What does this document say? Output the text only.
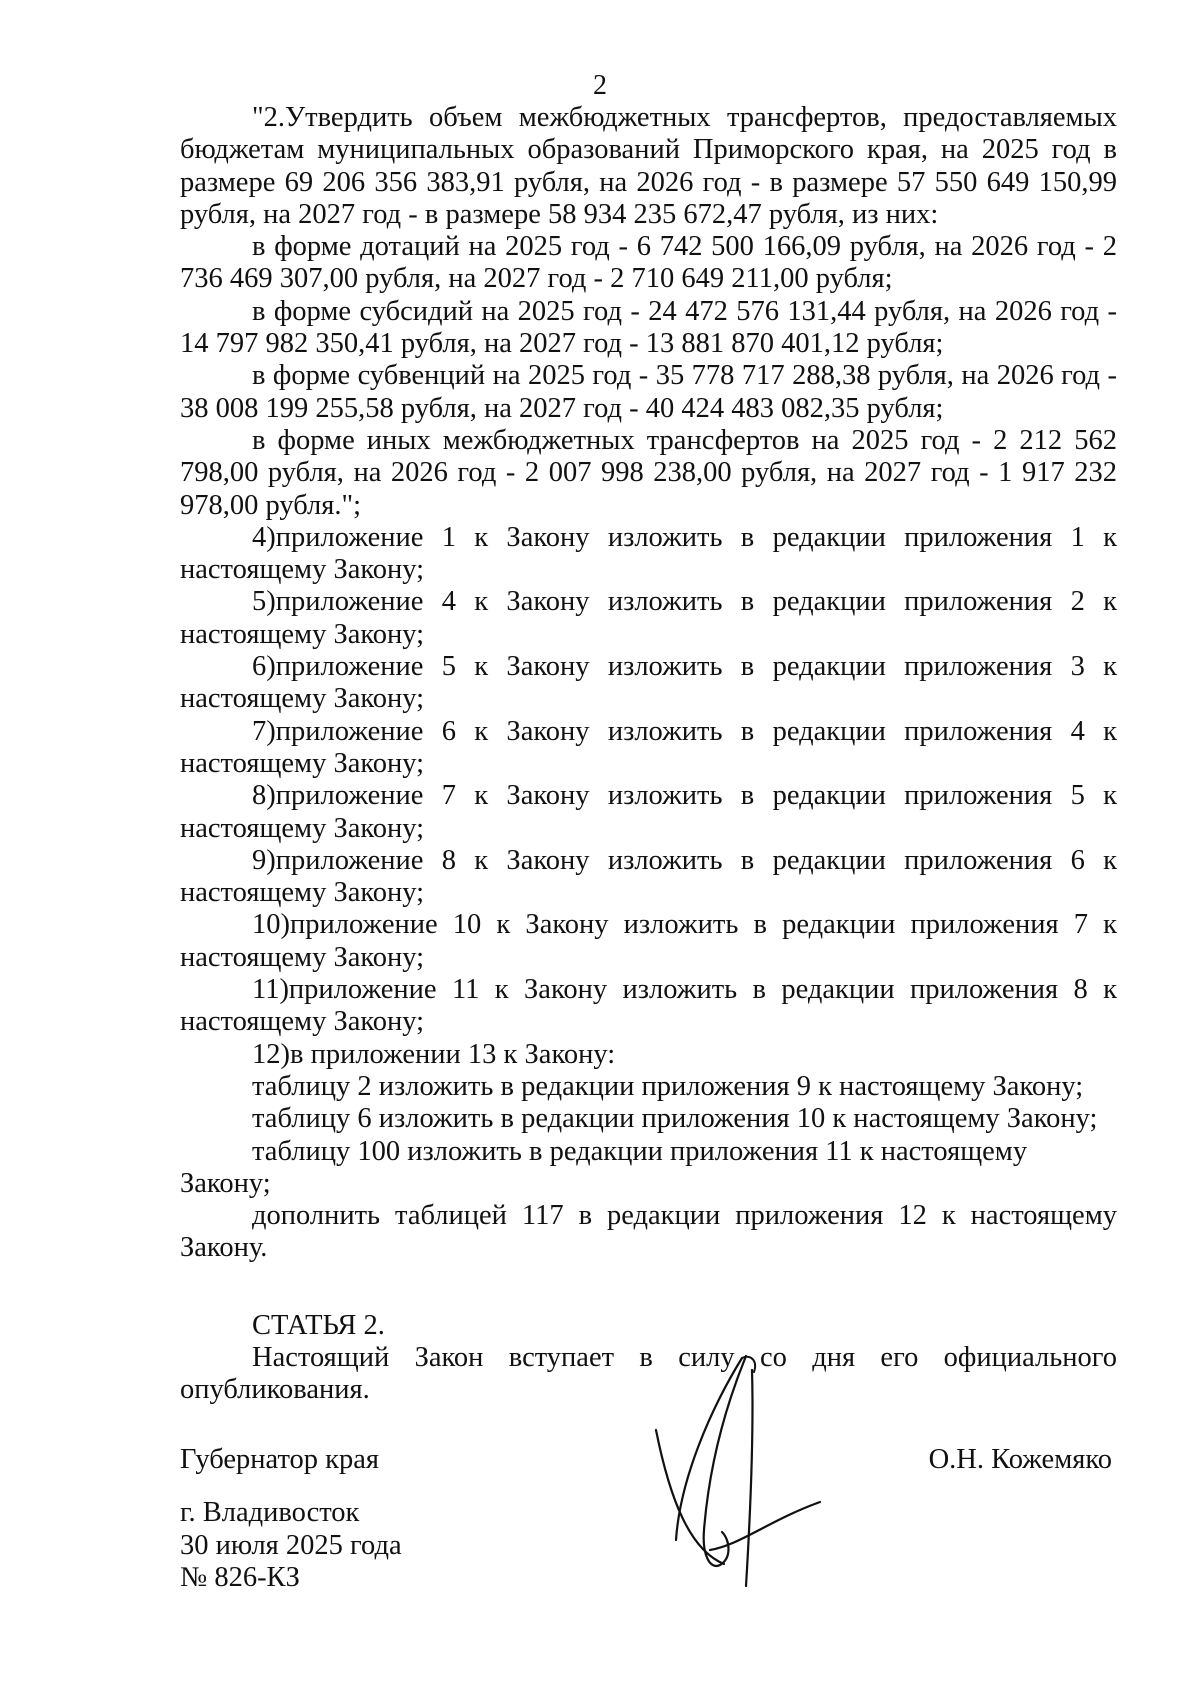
2

"2.Утвердить объем межбюджетных трансфертов, предоставляемых бюджетам муниципальных образований Приморского края, на 2025 год в размере 69 206 356 383,91 рубля, на 2026 год - в размере 57 550 649 150,99 рубля, на 2027 год - в размере 58 934 235 672,47 рубля, из них:

в форме дотаций на 2025 год - 6 742 500 166,09 рубля, на 2026 год - 2 736 469 307,00 рубля, на 2027 год - 2 710 649 211,00 рубля;

в форме субсидий на 2025 год - 24 472 576 131,44 рубля, на 2026 год - 14 797 982 350,41 рубля, на 2027 год - 13 881 870 401,12 рубля;

в форме субвенций на 2025 год - 35 778 717 288,38 рубля, на 2026 год - 38 008 199 255,58 рубля, на 2027 год - 40 424 483 082,35 рубля;

в форме иных межбюджетных трансфертов на 2025 год - 2 212 562 798,00 рубля, на 2026 год - 2 007 998 238,00 рубля, на 2027 год - 1 917 232 978,00 рубля.";

4)приложение 1 к Закону изложить в редакции приложения 1 к настоящему Закону;

5)приложение 4 к Закону изложить в редакции приложения 2 к настоящему Закону;

6)приложение 5 к Закону изложить в редакции приложения 3 к настоящему Закону;

7)приложение 6 к Закону изложить в редакции приложения 4 к настоящему Закону;

8)приложение 7 к Закону изложить в редакции приложения 5 к настоящему Закону;

9)приложение 8 к Закону изложить в редакции приложения 6 к настоящему Закону;

10)приложение 10 к Закону изложить в редакции приложения 7 к настоящему Закону;

11)приложение 11 к Закону изложить в редакции приложения 8 к настоящему Закону;

12)в приложении 13 к Закону:

таблицу 2 изложить в редакции приложения 9 к настоящему Закону;

таблицу 6 изложить в редакции приложения 10 к настоящему Закону;

таблицу 100 изложить в редакции приложения 11 к настоящему Закону;

дополнить таблицей 117 в редакции приложения 12 к настоящему Закону.

СТАТЬЯ 2.

Настоящий Закон вступает в силу со дня его официального опубликования.

Губернатор края	О.Н. Кожемяко
г. Владивосток
30 июля 2025 года
№ 826-КЗ
